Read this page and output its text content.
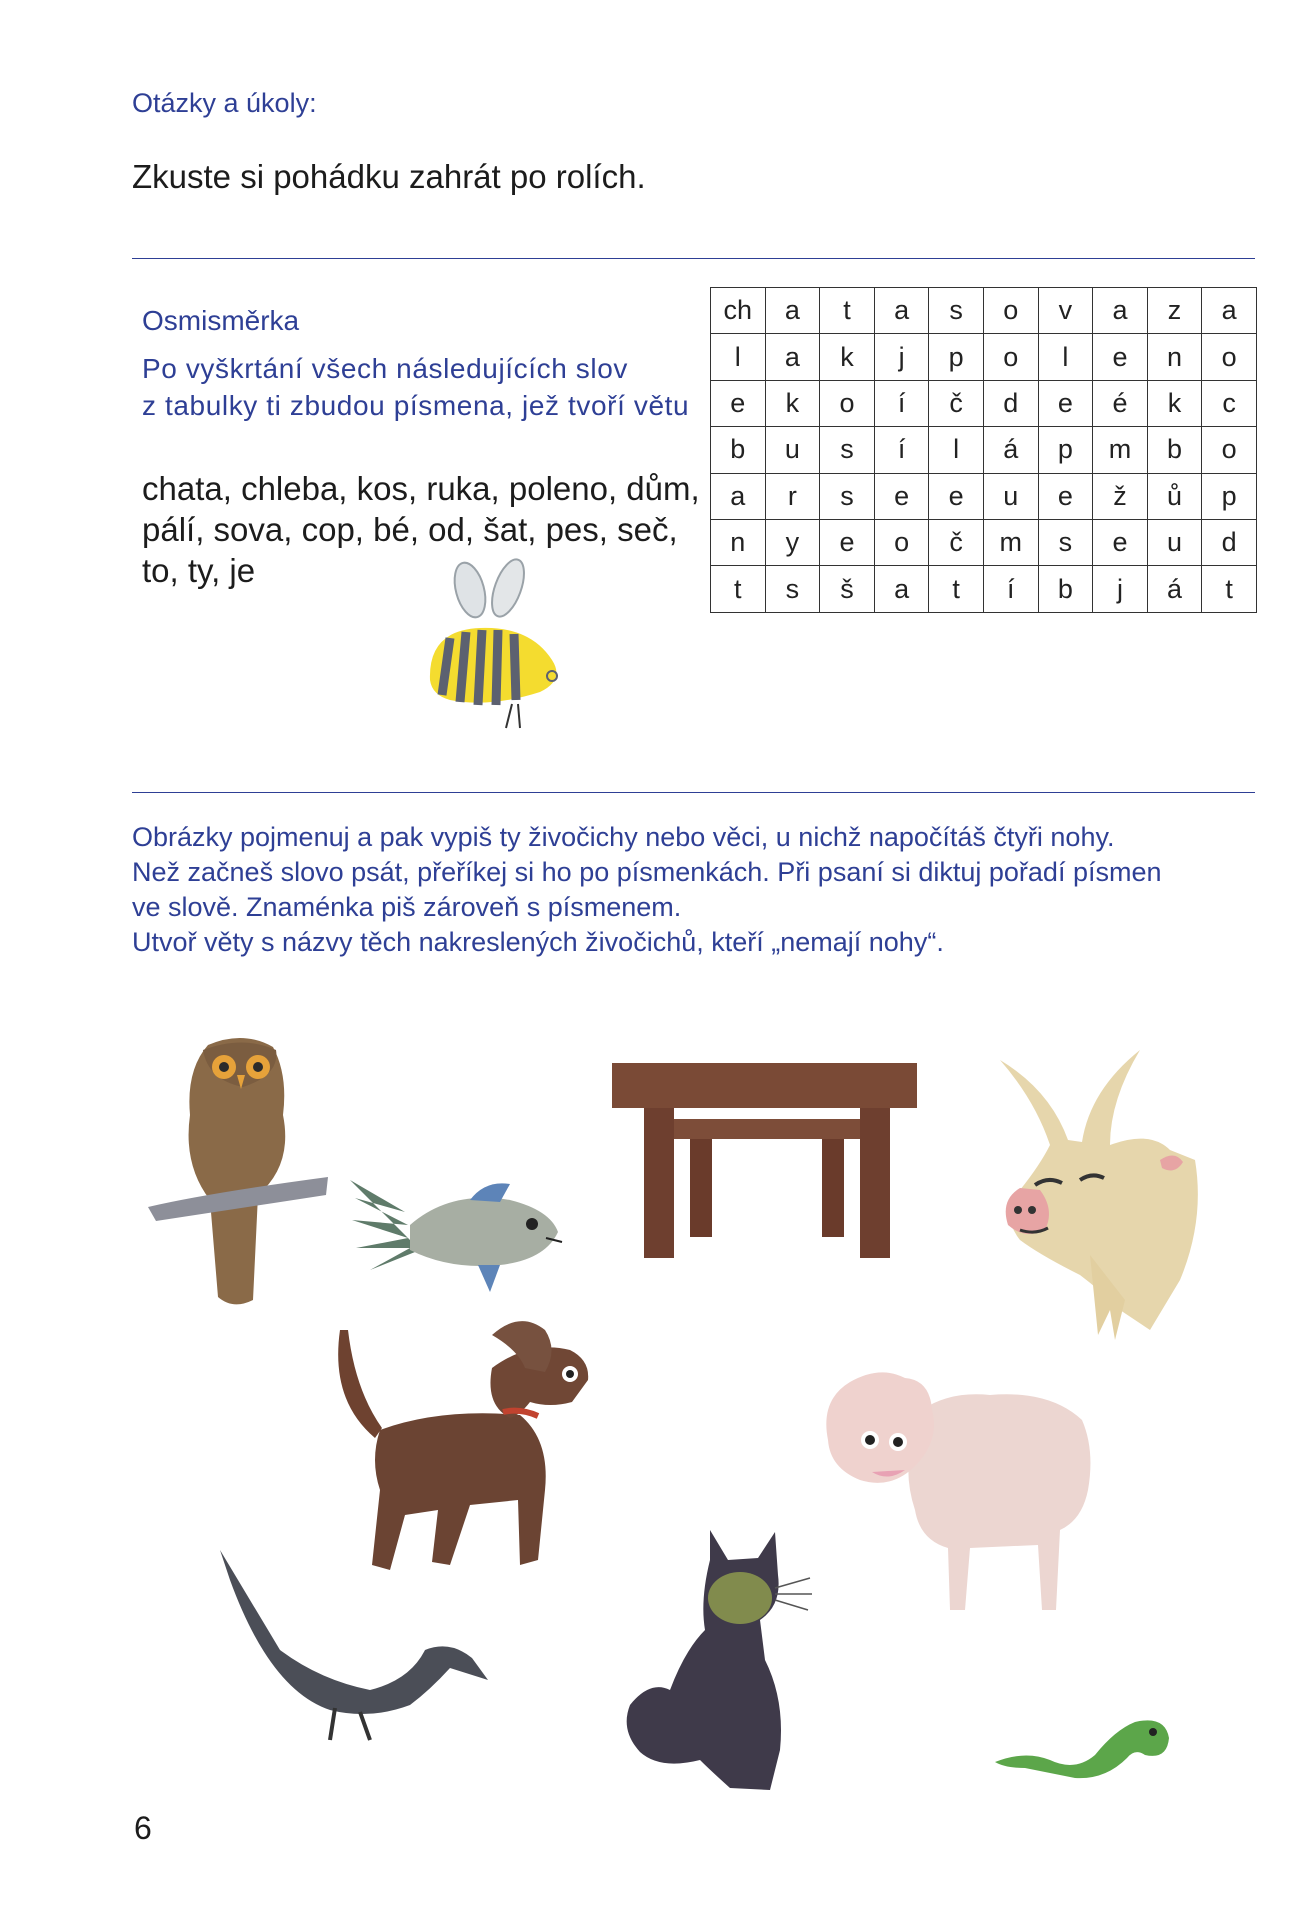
Otázky a úkoly:
Zkuste si pohádku zahrát po rolích.
Osmisměrka
Po vyškrtání všech následujících slov
z tabulky ti zbudou písmena, jež tvoří větu
chata, chleba, kos, ruka, poleno, dům,
pálí, sova, cop, bé, od, šat, pes, seč,
to, ty, je
ch	a	t	a	s	o	v	a	z	a
l	a	k	j	p	o	l	e	n	o
e	k	o	í	č	d	e	é	k	c
b	u	s	í	l	á	p	m	b	o
a	r	s	e	e	u	e	ž	ů	p
n	y	e	o	č	m	s	e	u	d
t	s	š	a	t	í	b	j	á	t
Obrázky pojmenuj a pak vypiš ty živočichy nebo věci, u nichž napočítáš čtyři nohy.
Než začneš slovo psát, přeříkej si ho po písmenkách. Při psaní si diktuj pořadí písmen
ve slově. Znaménka piš zároveň s písmenem.
Utvoř věty s názvy těch nakreslených živočichů, kteří „nemají nohy“.
6
